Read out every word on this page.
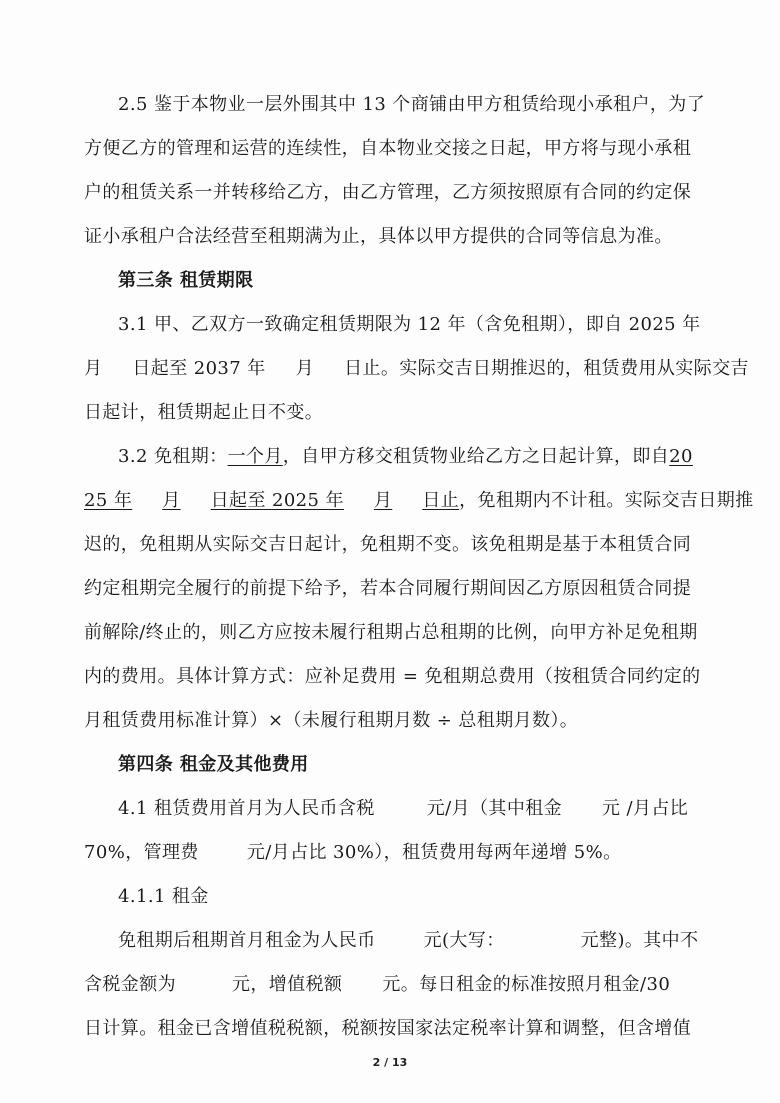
2.5 鉴于本物业一层外围其中 13 个商铺由甲方租赁给现小承租户，为了
方便乙方的管理和运营的连续性，自本物业交接之日起，甲方将与现小承租
户的租赁关系一并转移给乙方，由乙方管理，乙方须按照原有合同的约定保
证小承租户合法经营至租期满为止，具体以甲方提供的合同等信息为准。
第三条 租赁期限
3.1 甲、乙双方一致确定租赁期限为 12 年（含免租期），即自 2025 年
月 日起至 2037 年 月 日止。实际交吉日期推迟的，租赁费用从实际交吉
日起计，租赁期起止日不变。
3.2 免租期：一个月，自甲方移交租赁物业给乙方之日起计算，即自20
25 年 月 日起至 2025 年 月 日止，免租期内不计租。实际交吉日期推
迟的，免租期从实际交吉日起计，免租期不变。该免租期是基于本租赁合同
约定租期完全履行的前提下给予，若本合同履行期间因乙方原因租赁合同提
前解除/终止的，则乙方应按未履行租期占总租期的比例，向甲方补足免租期
内的费用。具体计算方式：应补足费用 = 免租期总费用（按租赁合同约定的
月租赁费用标准计算）×（未履行租期月数 ÷ 总租期月数）。
第四条 租金及其他费用
4.1 租赁费用首月为人民币含税	元/月（其中租金 元 /月占比
70%，管理费	元/月占比 30%），租赁费用每两年递增 5%。
4.1.1 租金
免租期后租期首月租金为人民币	元(大写：	元整)。其中不
含税金额为	元，增值税额 元。每日租金的标准按照月租金/30
日计算。租金已含增值税税额，税额按国家法定税率计算和调整，但含增值
2 / 13
